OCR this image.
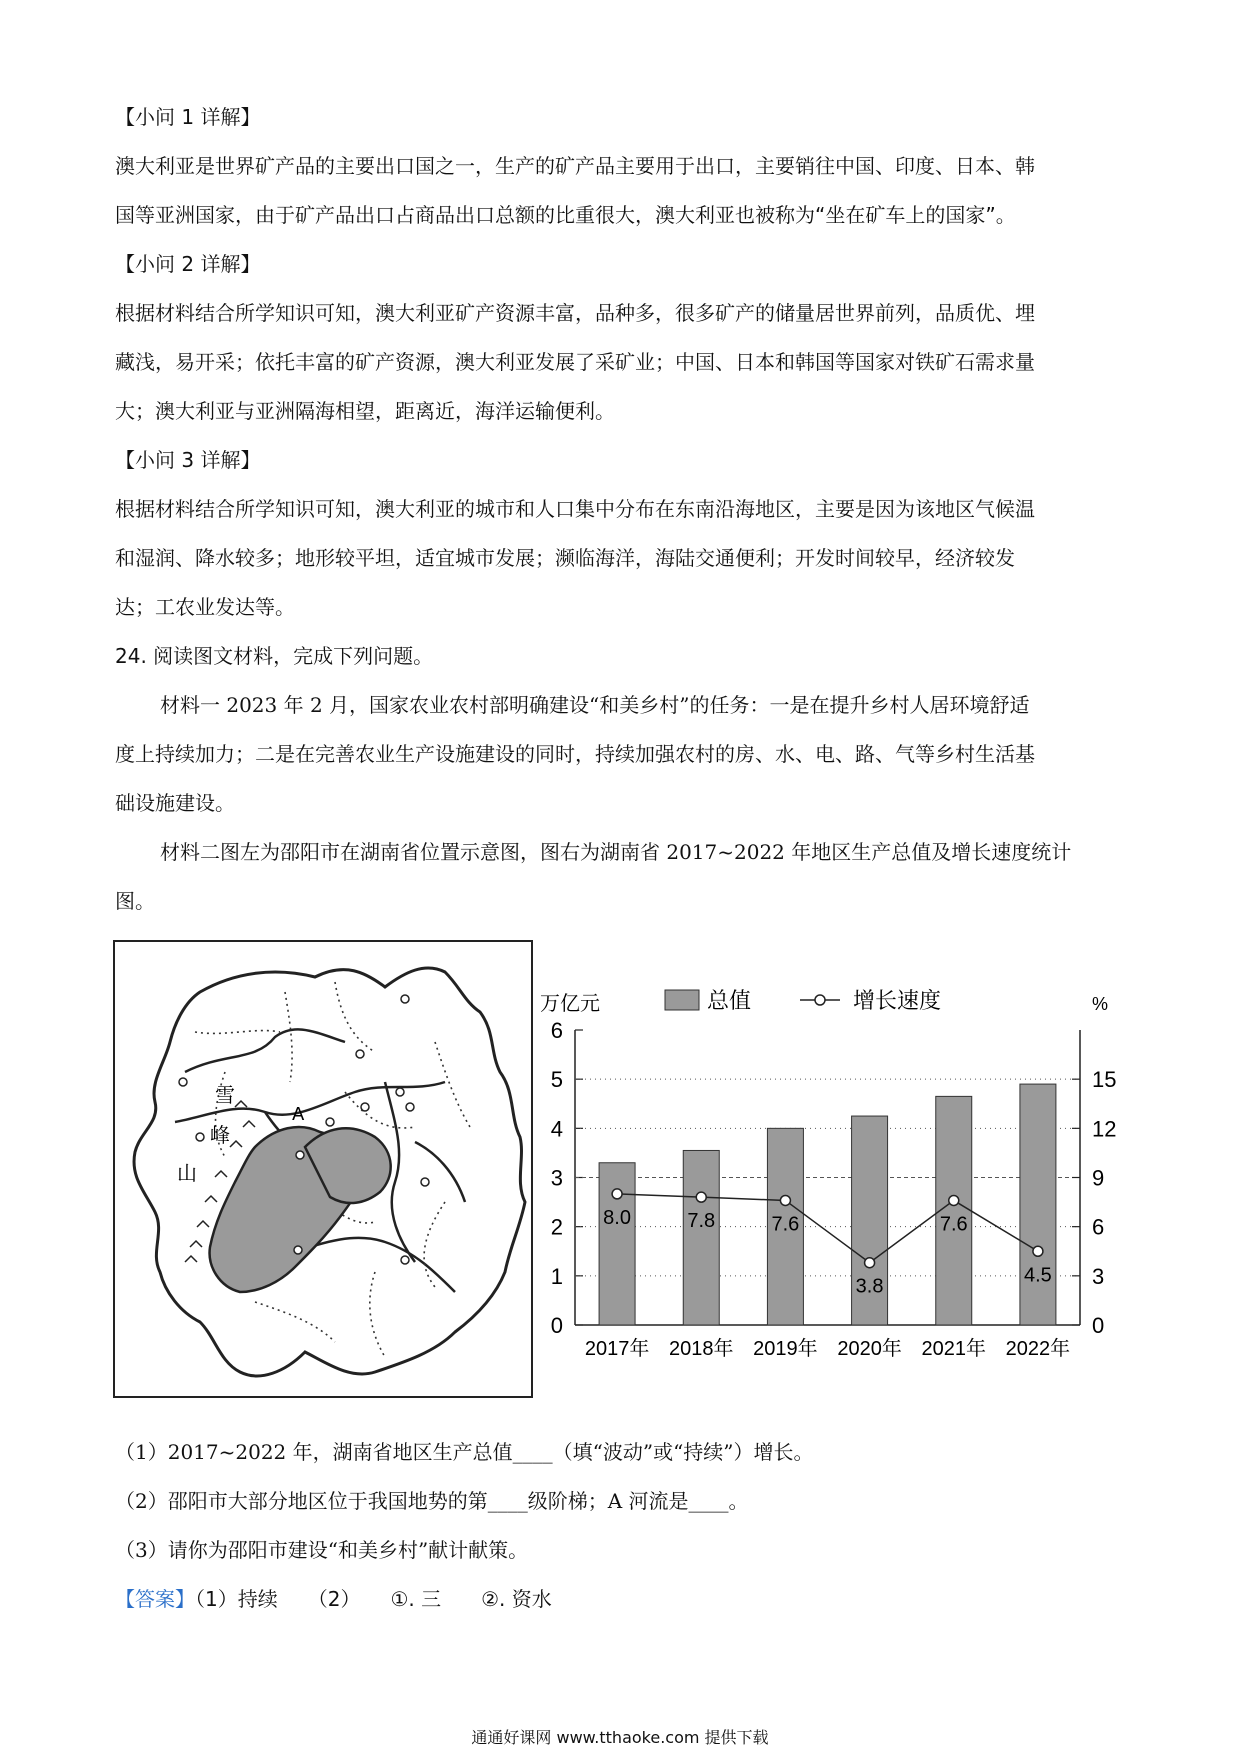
【小问 1 详解】
澳大利亚是世界矿产品的主要出口国之一，生产的矿产品主要用于出口，主要销往中国、印度、日本、韩
国等亚洲国家，由于矿产品出口占商品出口总额的比重很大，澳大利亚也被称为“坐在矿车上的国家”。
【小问 2 详解】
根据材料结合所学知识可知，澳大利亚矿产资源丰富，品种多，很多矿产的储量居世界前列，品质优、埋
藏浅，易开采；依托丰富的矿产资源，澳大利亚发展了采矿业；中国、日本和韩国等国家对铁矿石需求量
大；澳大利亚与亚洲隔海相望，距离近，海洋运输便利。
【小问 3 详解】
根据材料结合所学知识可知，澳大利亚的城市和人口集中分布在东南沿海地区，主要是因为该地区气候温
和湿润、降水较多；地形较平坦，适宜城市发展；濒临海洋，海陆交通便利；开发时间较早，经济较发
达；工农业发达等。
24. 阅读图文材料，完成下列问题。
材料一 2023 年 2 月，国家农业农村部明确建设“和美乡村”的任务：一是在提升乡村人居环境舒适
度上持续加力；二是在完善农业生产设施建设的同时，持续加强农村的房、水、电、路、气等乡村生活基
础设施建设。
材料二图左为邵阳市在湖南省位置示意图，图右为湖南省 2017~2022 年地区生产总值及增长速度统计
图。
雪
峰
山
A
0
1
2
3
4
5
6
0
3
6
9
12
15
万亿元	%
8.0	7.8	7.6
3.8
7.6
4.5
2017年 2018年 2019年 2020年 2021年 2022年
总值	增长速度
（1）2017~2022 年，湖南省地区生产总值____（填“波动”或“持续”）增长。
（2）邵阳市大部分地区位于我国地势的第____级阶梯；A 河流是____。
（3）请你为邵阳市建设“和美乡村”献计献策。
【答案】（1）持续　　（2）　　①. 三　　②. 资水
通通好课网 www.tthaoke.com 提供下载
